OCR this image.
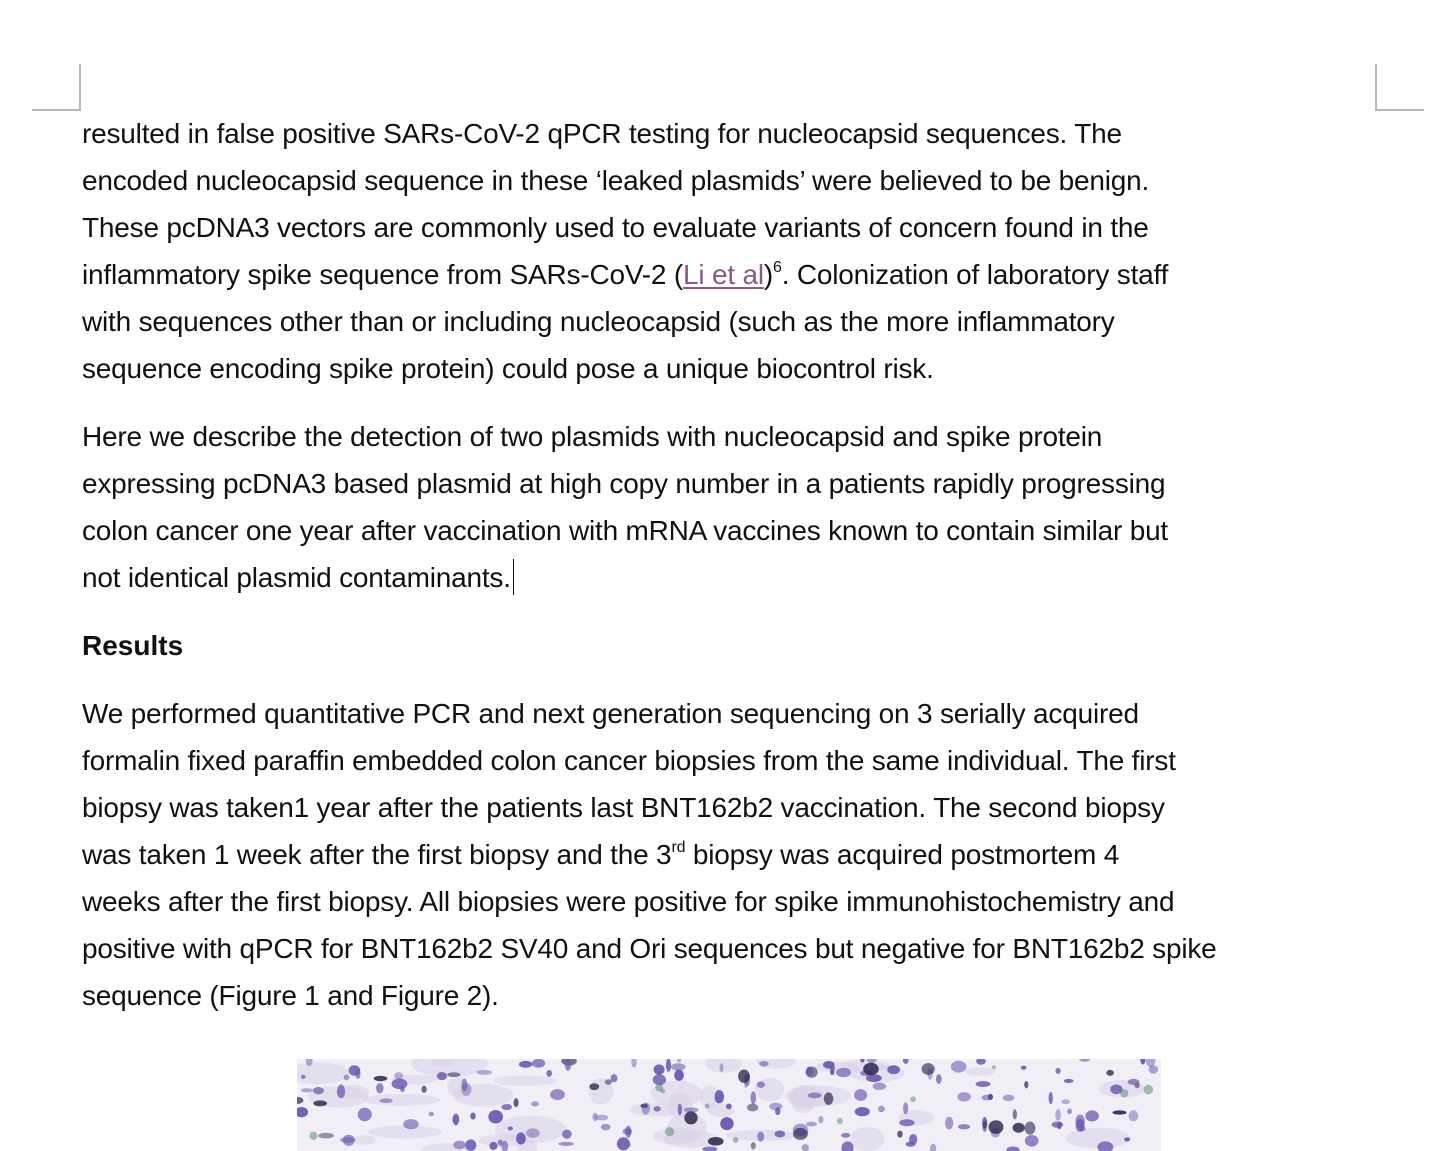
resulted in false positive SARs-CoV-2 qPCR testing for nucleocapsid sequences. The
encoded nucleocapsid sequence in these ‘leaked plasmids’ were believed to be benign.
These pcDNA3 vectors are commonly used to evaluate variants of concern found in the
inflammatory spike sequence from SARs-CoV-2 (Li et al)$^6$. Colonization of laboratory staff
with sequences other than or including nucleocapsid (such as the more inflammatory
sequence encoding spike protein) could pose a unique biocontrol risk.

Here we describe the detection of two plasmids with nucleocapsid and spike protein
expressing pcDNA3 based plasmid at high copy number in a patients rapidly progressing
colon cancer one year after vaccination with mRNA vaccines known to contain similar but
not identical plasmid contaminants.

Results

We performed quantitative PCR and next generation sequencing on 3 serially acquired
formalin fixed paraffin embedded colon cancer biopsies from the same individual. The first
biopsy was taken1 year after the patients last BNT162b2 vaccination. The second biopsy
was taken 1 week after the first biopsy and the 3rd biopsy was acquired postmortem 4
weeks after the first biopsy. All biopsies were positive for spike immunohistochemistry and
positive with qPCR for BNT162b2 SV40 and Ori sequences but negative for BNT162b2 spike
sequence (Figure 1 and Figure 2).
